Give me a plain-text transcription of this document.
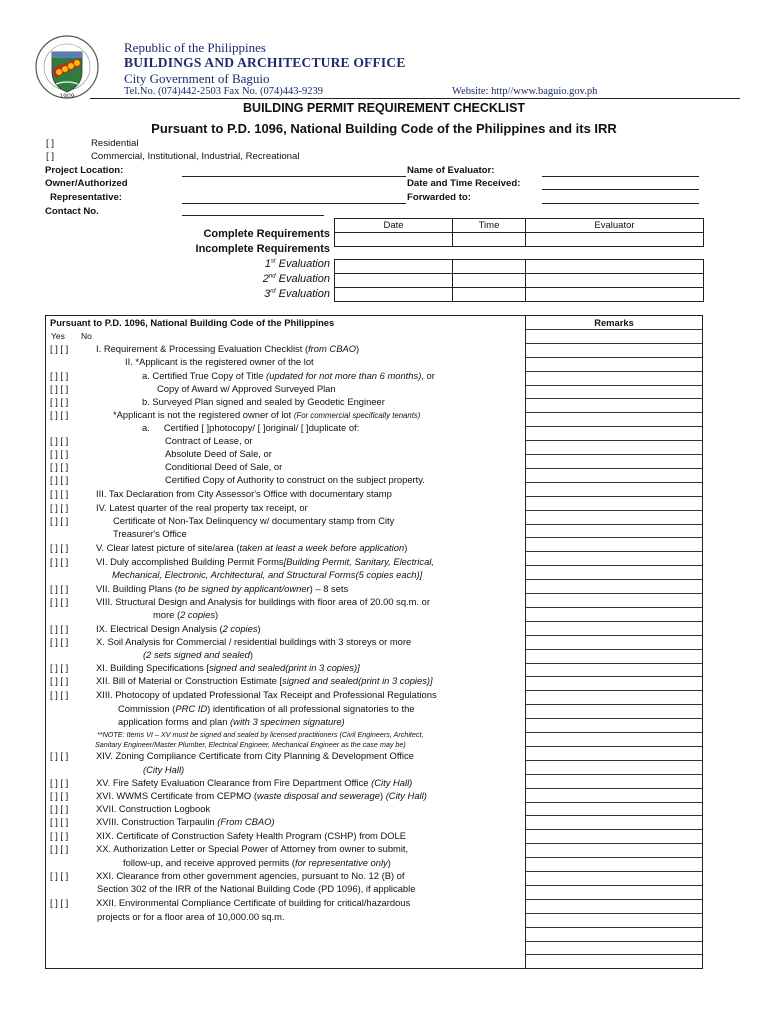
1909
Republic of the Philippines
BUILDINGS AND ARCHITECTURE OFFICE
City Government of Baguio
Tel.No. (074)442-2503 Fax No. (074)443-9239	Website: http//www.baguio.gov.ph
BUILDING PERMIT REQUIREMENT CHECKLIST
Pursuant to P.D. 1096, National Building Code of the Philippines and its IRR
[ ]	Residential
[ ]	Commercial, Institutional, Industrial, Recreational
Project Location:
Owner/Authorized
Representative:
Contact No.
Name of Evaluator:
Date and Time Received:
Forwarded to:
Complete Requirements
Incomplete Requirements
1st Evaluation
2nd Evaluation
3rd Evaluation
Date	Time	Evaluator

Pursuant to P.D. 1096, National Building Code of the Philippines	Remarks
Yes No
[ ] [ ]	I. Requirement & Processing Evaluation Checklist (from CBAO)
II. *Applicant is the registered owner of the lot
[ ] [ ]	a. Certified True Copy of Title (updated for not more than 6 months), or
[ ] [ ]	Copy of Award w/ Approved Surveyed Plan
[ ] [ ]	b. Surveyed Plan signed and sealed by Geodetic Engineer
[ ] [ ]	*Applicant is not the registered owner of lot (For commercial specifically tenants)
a. Certified [ ]photocopy/ [ ]original/ [ ]duplicate of:
[ ] [ ]	Contract of Lease, or
[ ] [ ]	Absolute Deed of Sale, or
[ ] [ ]	Conditional Deed of Sale, or
[ ] [ ]	Certified Copy of Authority to construct on the subject property.
[ ] [ ]	III. Tax Declaration from City Assessor's Office with documentary stamp
[ ] [ ]	IV. Latest quarter of the real property tax receipt, or
[ ] [ ]	Certificate of Non-Tax Delinquency w/ documentary stamp from City
Treasurer's Office
[ ] [ ]	V. Clear latest picture of site/area (taken at least a week before application)
[ ] [ ]	VI. Duly accomplished Building Permit Forms[Building Permit, Sanitary, Electrical,
Mechanical, Electronic, Architectural, and Structural Forms(5 copies each)]
[ ] [ ]	VII. Building Plans (to be signed by applicant/owner) – 8 sets
[ ] [ ]	VIII. Structural Design and Analysis for buildings with floor area of 20.00 sq.m. or
more (2 copies)
[ ] [ ]	IX. Electrical Design Analysis (2 copies)
[ ] [ ]	X. Soil Analysis for Commercial / residential buildings with 3 storeys or more
(2 sets signed and sealed)
[ ] [ ]	XI. Building Specifications [signed and sealed(print in 3 copies)]
[ ] [ ]	XII. Bill of Material or Construction Estimate [signed and sealed(print in 3 copies)]
[ ] [ ]	XIII. Photocopy of updated Professional Tax Receipt and Professional Regulations
Commission (PRC ID) identification of all professional signatories to the
application forms and plan (with 3 specimen signature)
**NOTE: Items VI – XV must be signed and sealed by licensed practitioners (Civil Engineers, Architect,
Sanitary Engineer/Master Plumber, Electrical Engineer, Mechanical Engineer as the case may be)
[ ] [ ]	XIV. Zoning Compliance Certificate from City Planning & Development Office
(City Hall)
[ ] [ ]	XV. Fire Safety Evaluation Clearance from Fire Department Office (City Hall)
[ ] [ ]	XVI. WWMS Certificate from CEPMO (waste disposal and sewerage) (City Hall)
[ ] [ ]	XVII. Construction Logbook
[ ] [ ]	XVIII. Construction Tarpaulin (From CBAO)
[ ] [ ]	XIX. Certificate of Construction Safety Health Program (CSHP) from DOLE
[ ] [ ]	XX. Authorization Letter or Special Power of Attorney from owner to submit,
follow-up, and receive approved permits (for representative only)
[ ] [ ]	XXI. Clearance from other government agencies, pursuant to No. 12 (B) of
Section 302 of the IRR of the National Building Code (PD 1096), if applicable
[ ] [ ]	XXII. Environmental Compliance Certificate of building for critical/hazardous
projects or for a floor area of 10,000.00 sq.m.
